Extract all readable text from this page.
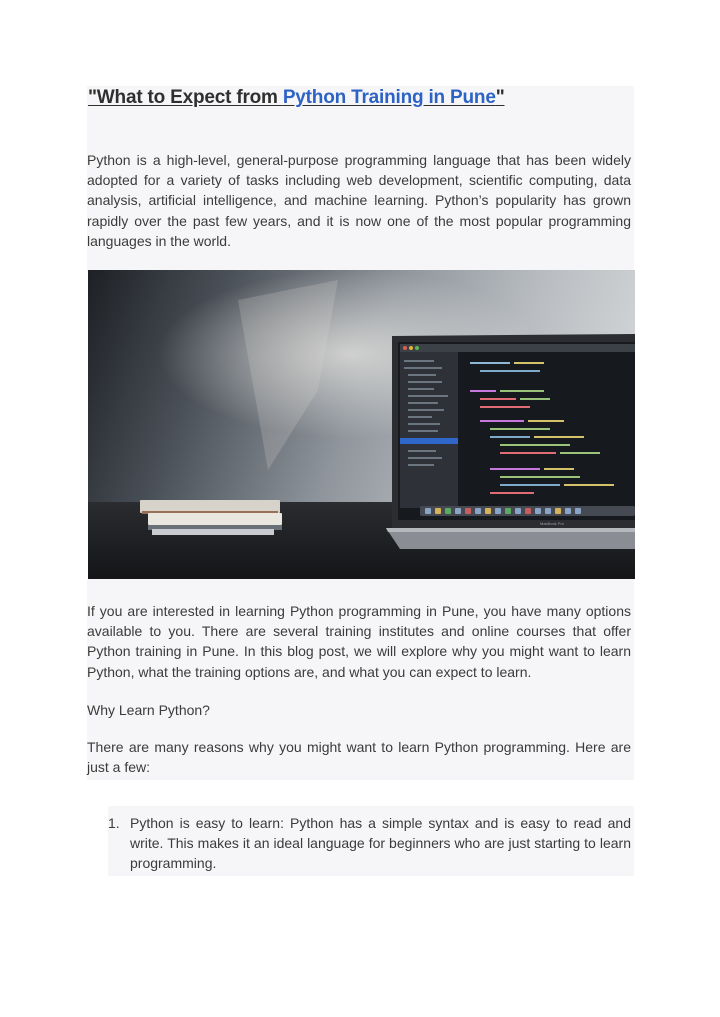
"What to Expect from Python Training in Pune"

Python is a high-level, general-purpose programming language that has been widely adopted for a variety of tasks including web development, scientific computing, data analysis, artificial intelligence, and machine learning. Python’s popularity has grown rapidly over the past few years, and it is now one of the most popular programming languages in the world.

MacBook Pro

If you are interested in learning Python programming in Pune, you have many options available to you. There are several training institutes and online courses that offer Python training in Pune. In this blog post, we will explore why you might want to learn Python, what the training options are, and what you can expect to learn.

Why Learn Python?

There are many reasons why you might want to learn Python programming. Here are just a few:

1. Python is easy to learn: Python has a simple syntax and is easy to read and write. This makes it an ideal language for beginners who are just starting to learn programming.
